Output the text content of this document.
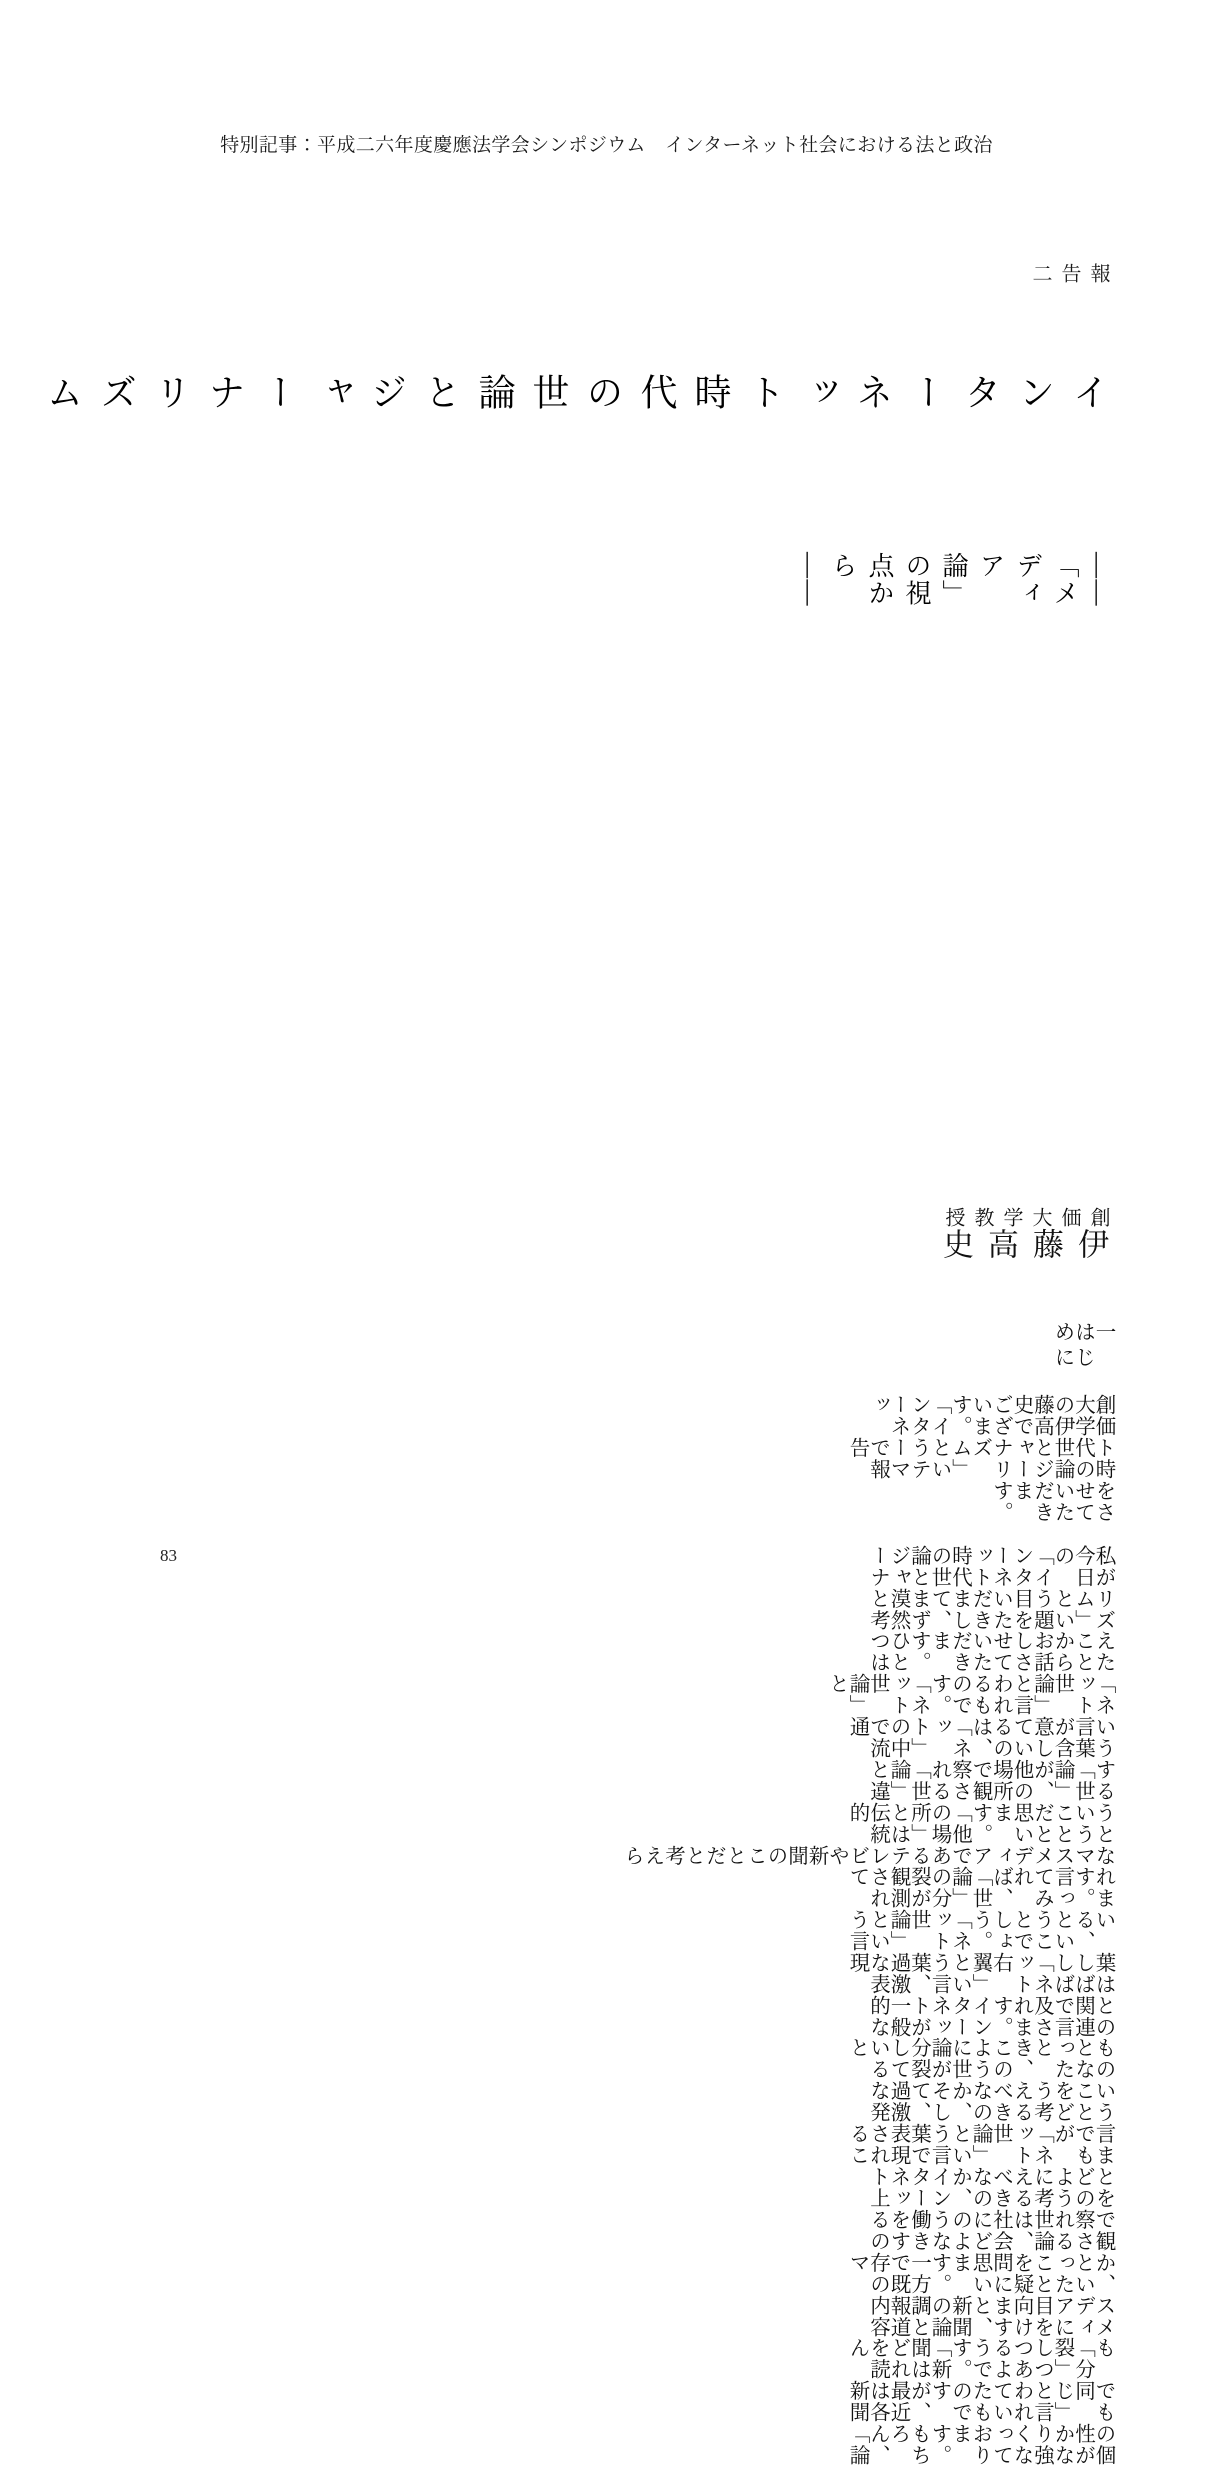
特別記事：平成二六年度慶應法学会シンポジウム　インターネット社会における法と政治
報告二
インターネット時代の世論とジャーナリズム
――「メディア論」の視点から――
創価大学教授
伊　藤　高　史
一　はじめに
創価大学の伊藤高史でございます。「インターネッ
ト時代の世論とジャーナリズム」というテーマで報告
をさせていただきます。
私が今日の「インターネット時代の世論とジャーナ
リズム」という題目をいただきまして、まず漠然と考
えたことからお話しさせていただきます。ひとつは
「ネット世論」と言われるものです。「ネット世論」と
いう言葉が含意しているのは、「ネット」の中で流通
する「世論」が、他の場所で観察される「世論」と違
うということだと思います。「他の場所」とは伝統的
なマスメディアであるテレビや新聞のことだと考えら
れます。言ってみれば、「世論」の分裂が観測されて
いる、ということでしょう。「ネット世論」という言
葉はしばしば「ネット右翼」という言葉、過激な表現
との関連で言及されます。インターネットが一般的な
ものとなったとき、このように世論が分裂していると
いうことをどう考えるべきなのか、そして、過激な発
言までもが「ネット世論」という言葉で表現されるこ
とをどのように考えるべきなのか、インターネット上
で観察される世論は、社会にどのような働きをするの
か、といったことを疑問に思います。一方で既存のマ
スメディアに目を向けますと、新聞の論調と報道内容
も「分裂」しつつあるようです。「新聞はどれを読ん
でも同じ」と言われていたものですが、最近は各新聞
の個性がかなり強くなっております。もちろん、「論
83
